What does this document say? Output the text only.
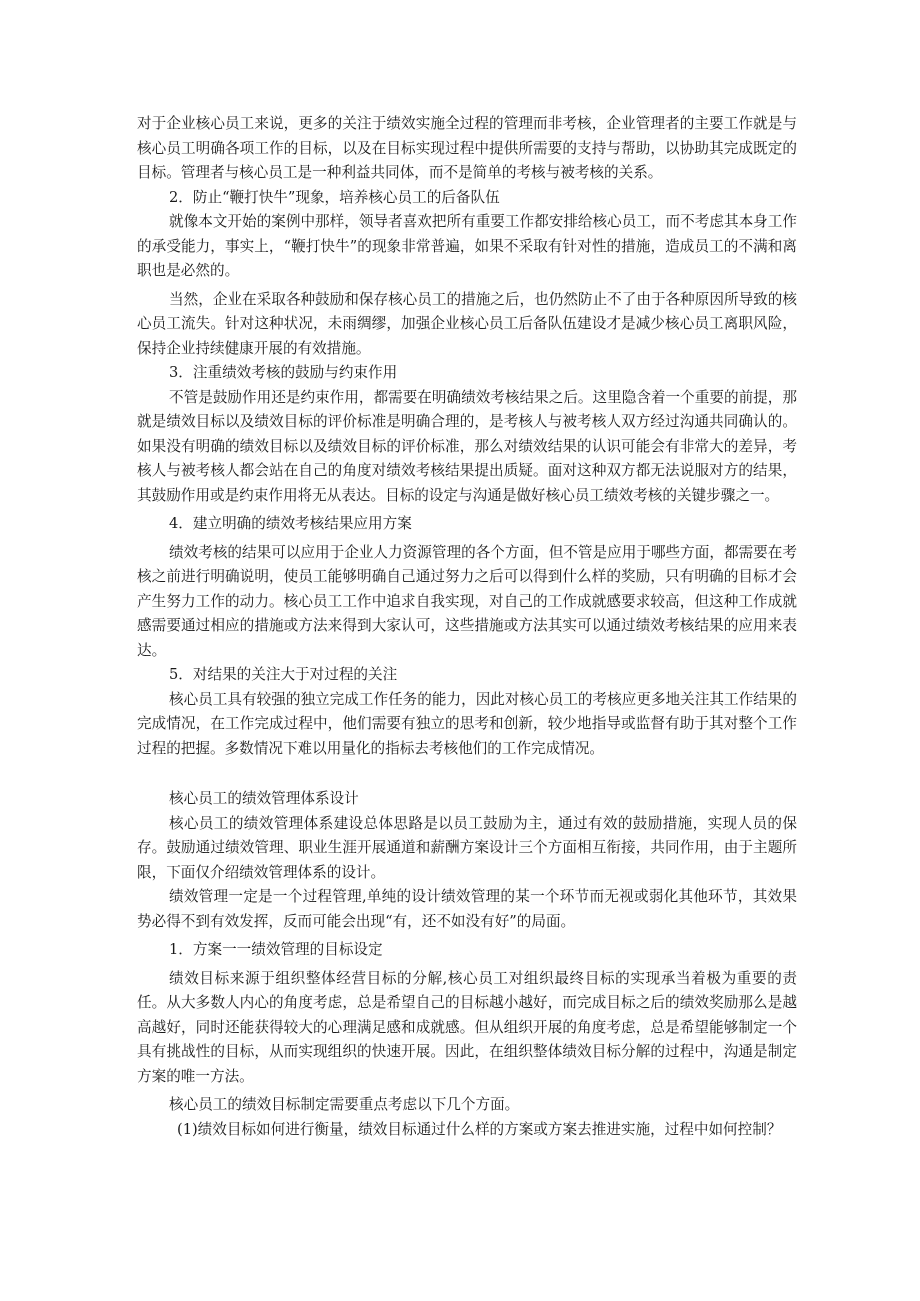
对于企业核心员工来说，更多的关注于绩效实施全过程的管理而非考核，企业管理者的主要工作就是与核心员工明确各项工作的目标，以及在目标实现过程中提供所需要的支持与帮助，以协助其完成既定的目标。管理者与核心员工是一种利益共同体，而不是简单的考核与被考核的关系。

2．防止“鞭打快牛”现象，培养核心员工的后备队伍

就像本文开始的案例中那样，领导者喜欢把所有重要工作都安排给核心员工，而不考虑其本身工作的承受能力，事实上，“鞭打快牛”的现象非常普遍，如果不采取有针对性的措施，造成员工的不满和离职也是必然的。

当然，企业在采取各种鼓励和保存核心员工的措施之后，也仍然防止不了由于各种原因所导致的核心员工流失。针对这种状况，未雨绸缪，加强企业核心员工后备队伍建设才是减少核心员工离职风险，保持企业持续健康开展的有效措施。

3．注重绩效考核的鼓励与约束作用

不管是鼓励作用还是约束作用，都需要在明确绩效考核结果之后。这里隐含着一个重要的前提，那就是绩效目标以及绩效目标的评价标准是明确合理的，是考核人与被考核人双方经过沟通共同确认的。如果没有明确的绩效目标以及绩效目标的评价标准，那么对绩效结果的认识可能会有非常大的差异，考核人与被考核人都会站在自己的角度对绩效考核结果提出质疑。面对这种双方都无法说服对方的结果，其鼓励作用或是约束作用将无从表达。目标的设定与沟通是做好核心员工绩效考核的关键步骤之一。

4．建立明确的绩效考核结果应用方案

绩效考核的结果可以应用于企业人力资源管理的各个方面，但不管是应用于哪些方面，都需要在考核之前进行明确说明，使员工能够明确自己通过努力之后可以得到什么样的奖励，只有明确的目标才会产生努力工作的动力。核心员工工作中追求自我实现，对自己的工作成就感要求较高，但这种工作成就感需要通过相应的措施或方法来得到大家认可，这些措施或方法其实可以通过绩效考核结果的应用来表达。

5．对结果的关注大于对过程的关注

核心员工具有较强的独立完成工作任务的能力，因此对核心员工的考核应更多地关注其工作结果的完成情况，在工作完成过程中，他们需要有独立的思考和创新，较少地指导或监督有助于其对整个工作过程的把握。多数情况下难以用量化的指标去考核他们的工作完成情况。

核心员工的绩效管理体系设计

核心员工的绩效管理体系建设总体思路是以员工鼓励为主，通过有效的鼓励措施，实现人员的保存。鼓励通过绩效管理、职业生涯开展通道和薪酬方案设计三个方面相互衔接，共同作用，由于主题所限，下面仅介绍绩效管理体系的设计。

绩效管理一定是一个过程管理,单纯的设计绩效管理的某一个环节而无视或弱化其他环节，其效果势必得不到有效发挥，反而可能会出现“有，还不如没有好”的局面。

1．方案一一绩效管理的目标设定

绩效目标来源于组织整体经营目标的分解,核心员工对组织最终目标的实现承当着极为重要的责任。从大多数人内心的角度考虑，总是希望自己的目标越小越好，而完成目标之后的绩效奖励那么是越高越好，同时还能获得较大的心理满足感和成就感。但从组织开展的角度考虑，总是希望能够制定一个具有挑战性的目标，从而实现组织的快速开展。因此，在组织整体绩效目标分解的过程中，沟通是制定方案的唯一方法。

核心员工的绩效目标制定需要重点考虑以下几个方面。

(1)绩效目标如何进行衡量，绩效目标通过什么样的方案或方案去推进实施，过程中如何控制？
